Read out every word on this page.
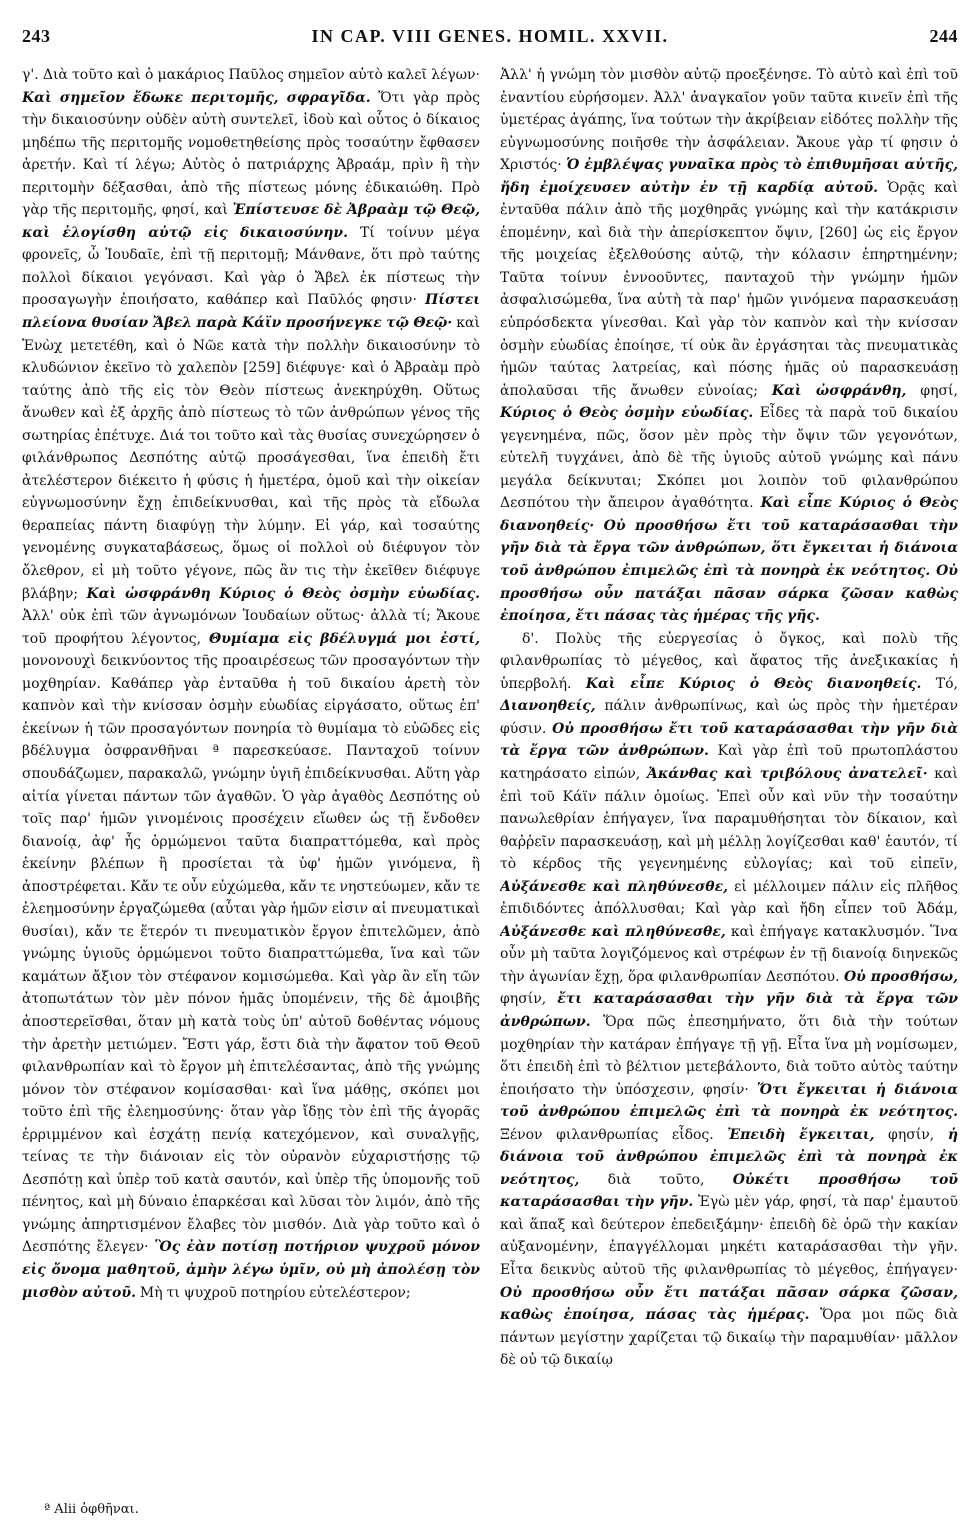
243	IN CAP. VIII GENES. HOMIL. XXVII.	244

γ'. Διὰ τοῦτο καὶ ὁ μακάριος Παῦλος σημεῖον αὐτὸ καλεῖ λέγων· Καὶ σημεῖον ἔδωκε περιτομῆς, σφραγῖδα. Ὅτι γὰρ πρὸς τὴν δικαιοσύνην οὐδὲν αὐτὴ συντελεῖ, ἰδοὺ καὶ οὗτος ὁ δίκαιος μηδέπω τῆς περιτομῆς νομοθετηθείσης πρὸς τοσαύτην ἔφθασεν ἀρετήν. Καὶ τί λέγω; Αὐτὸς ὁ πατριάρχης Ἀβραάμ, πρὶν ἢ τὴν περιτομὴν δέξασθαι, ἀπὸ τῆς πίστεως μόνης ἐδικαιώθη. Πρὸ γὰρ τῆς περιτομῆς, φησί, καὶ Ἐπίστευσε δὲ Ἀβραὰμ τῷ Θεῷ, καὶ ἐλογίσθη αὐτῷ εἰς δικαιοσύνην. Τί τοίνυν μέγα φρονεῖς, ὦ Ἰουδαῖε, ἐπὶ τῇ περιτομῇ; Μάνθανε, ὅτι πρὸ ταύτης πολλοὶ δίκαιοι γεγόνασι. Καὶ γὰρ ὁ Ἄβελ ἐκ πίστεως τὴν προσαγωγὴν ἐποιήσατο, καθάπερ καὶ Παῦλός φησιν· Πίστει πλείονα θυσίαν Ἄβελ παρὰ Κάϊν προσήνεγκε τῷ Θεῷ· καὶ Ἐνὼχ μετετέθη, καὶ ὁ Νῶε κατὰ τὴν πολλὴν δικαιοσύνην τὸ κλυδώνιον ἐκεῖνο τὸ χαλεπὸν [259] διέφυγε· καὶ ὁ Ἀβραὰμ πρὸ ταύτης ἀπὸ τῆς εἰς τὸν Θεὸν πίστεως ἀνεκηρύχθη. Οὕτως ἄνωθεν καὶ ἐξ ἀρχῆς ἀπὸ πίστεως τὸ τῶν ἀνθρώπων γένος τῆς σωτηρίας ἐπέτυχε. Διά τοι τοῦτο καὶ τὰς θυσίας συνεχώρησεν ὁ φιλάνθρωπος Δεσπότης αὐτῷ προσάγεσθαι, ἵνα ἐπειδὴ ἔτι ἀτελέστερον διέκειτο ἡ φύσις ἡ ἡμετέρα, ὁμοῦ καὶ τὴν οἰκείαν εὐγνωμοσύνην ἔχῃ ἐπιδείκνυσθαι, καὶ τῆς πρὸς τὰ εἴδωλα θεραπείας πάντη διαφύγῃ τὴν λύμην. Εἰ γάρ, καὶ τοσαύτης γενομένης συγκαταβάσεως, ὅμως οἱ πολλοὶ οὐ διέφυγον τὸν ὄλεθρον, εἰ μὴ τοῦτο γέγονε, πῶς ἂν τις τὴν ἐκεῖθεν διέφυγε βλάβην; Καὶ ὠσφράνθη Κύριος ὁ Θεὸς ὀσμὴν εὐωδίας. Ἀλλ' οὐκ ἐπὶ τῶν ἀγνωμόνων Ἰουδαίων οὕτως· ἀλλὰ τί; Ἄκουε τοῦ προφήτου λέγοντος, Θυμίαμα εἰς βδέλυγμά μοι ἐστί, μονονουχὶ δεικνύοντος τῆς προαιρέσεως τῶν προσαγόντων τὴν μοχθηρίαν. Καθάπερ γὰρ ἐνταῦθα ἡ τοῦ δικαίου ἀρετὴ τὸν καπνὸν καὶ τὴν κνίσσαν ὀσμὴν εὐωδίας εἰργάσατο, οὕτως ἐπ' ἐκείνων ἡ τῶν προσαγόντων πονηρία τὸ θυμίαμα τὸ εὐῶδες εἰς βδέλυγμα ὀσφρανθῆναι ª παρεσκεύασε. Πανταχοῦ τοίνυν σπουδάζωμεν, παρακαλῶ, γνώμην ὑγιῆ ἐπιδείκνυσθαι. Αὕτη γὰρ αἰτία γίνεται πάντων τῶν ἀγαθῶν. Ὁ γὰρ ἀγαθὸς Δεσπότης οὐ τοῖς παρ' ἡμῶν γινομένοις προσέχειν εἴωθεν ὡς τῇ ἔνδοθεν διανοίᾳ, ἀφ' ἧς ὁρμώμενοι ταῦτα διαπραττόμεθα, καὶ πρὸς ἐκείνην βλέπων ἢ προσίεται τὰ ὑφ' ἡμῶν γινόμενα, ἢ ἀποστρέφεται. Κἄν τε οὖν εὐχώμεθα, κἄν τε νηστεύωμεν, κἄν τε ἐλεημοσύνην ἐργαζώμεθα (αὗται γὰρ ἡμῶν εἰσιν αἱ πνευματικαὶ θυσίαι), κἄν τε ἕτερόν τι πνευματικὸν ἔργον ἐπιτελῶμεν, ἀπὸ γνώμης ὑγιοῦς ὁρμώμενοι τοῦτο διαπραττώμεθα, ἵνα καὶ τῶν καμάτων ἄξιον τὸν στέφανον κομισώμεθα. Καὶ γὰρ ἂν εἴη τῶν ἀτοπωτάτων τὸν μὲν πόνον ἡμᾶς ὑπομένειν, τῆς δὲ ἀμοιβῆς ἀποστερεῖσθαι, ὅταν μὴ κατὰ τοὺς ὑπ' αὐτοῦ δοθέντας νόμους τὴν ἀρετὴν μετιώμεν. Ἔστι γάρ, ἔστι διὰ τὴν ἄφατον τοῦ Θεοῦ φιλανθρωπίαν καὶ τὸ ἔργον μὴ ἐπιτελέσαντας, ἀπὸ τῆς γνώμης μόνον τὸν στέφανον κομίσασθαι· καὶ ἵνα μάθῃς, σκόπει μοι τοῦτο ἐπὶ τῆς ἐλεημοσύνης· ὅταν γὰρ ἴδῃς τὸν ἐπὶ τῆς ἀγορᾶς ἐρριμμένον καὶ ἐσχάτῃ πενίᾳ κατεχόμενον, καὶ συναλγῇς, τείνας τε τὴν διάνοιαν εἰς τὸν οὐρανὸν εὐχαριστήσῃς τῷ Δεσπότῃ καὶ ὑπὲρ τοῦ κατὰ σαυτόν, καὶ ὑπὲρ τῆς ὑπομονῆς τοῦ πένητος, καὶ μὴ δύναιο ἐπαρκέσαι καὶ λῦσαι τὸν λιμόν, ἀπὸ τῆς γνώμης ἀπηρτισμένον ἔλαβες τὸν μισθόν. Διὰ γὰρ τοῦτο καὶ ὁ Δεσπότης ἔλεγεν· Ὃς ἐὰν ποτίσῃ ποτήριον ψυχροῦ μόνον εἰς ὄνομα μαθητοῦ, ἀμὴν λέγω ὑμῖν, οὐ μὴ ἀπολέσῃ τὸν μισθὸν αὐτοῦ. Μὴ τι ψυχροῦ ποτηρίου εὐτελέστερον;

Ἀλλ' ἡ γνώμη τὸν μισθὸν αὐτῷ προεξένησε. Τὸ αὐτὸ καὶ ἐπὶ τοῦ ἐναντίου εὑρήσομεν. Ἀλλ' ἀναγκαῖον γοῦν ταῦτα κινεῖν ἐπὶ τῆς ὑμετέρας ἀγάπης, ἵνα τούτων τὴν ἀκρίβειαν εἰδότες πολλὴν τῆς εὐγνωμοσύνης ποιῆσθε τὴν ἀσφάλειαν. Ἄκουε γὰρ τί φησιν ὁ Χριστός· Ὁ ἐμβλέψας γυναῖκα πρὸς τὸ ἐπιθυμῆσαι αὐτῆς, ἤδη ἐμοίχευσεν αὐτὴν ἐν τῇ καρδίᾳ αὐτοῦ. Ὁρᾷς καὶ ἐνταῦθα πάλιν ἀπὸ τῆς μοχθηρᾶς γνώμης καὶ τὴν κατάκρισιν ἑπομένην, καὶ διὰ τὴν ἀπερίσκεπτον ὄψιν, [260] ὡς εἰς ἔργον τῆς μοιχείας ἐξελθούσης αὐτῷ, τὴν κόλασιν ἐπηρτημένην; Ταῦτα τοίνυν ἐννοοῦντες, πανταχοῦ τὴν γνώμην ἡμῶν ἀσφαλισώμεθα, ἵνα αὐτὴ τὰ παρ' ἡμῶν γινόμενα παρασκευάσῃ εὐπρόσδεκτα γίνεσθαι. Καὶ γὰρ τὸν καπνὸν καὶ τὴν κνίσσαν ὀσμὴν εὐωδίας ἐποίησε, τί οὐκ ἂν ἐργάσηται τὰς πνευματικὰς ἡμῶν ταύτας λατρείας, καὶ πόσης ἡμᾶς οὐ παρασκευάσῃ ἀπολαῦσαι τῆς ἄνωθεν εὐνοίας; Καὶ ὠσφράνθη, φησί, Κύριος ὁ Θεὸς ὀσμὴν εὐωδίας. Εἶδες τὰ παρὰ τοῦ δικαίου γεγενημένα, πῶς, ὅσον μὲν πρὸς τὴν ὄψιν τῶν γεγονότων, εὐτελῆ τυγχάνει, ἀπὸ δὲ τῆς ὑγιοῦς αὐτοῦ γνώμης καὶ πάνυ μεγάλα δείκνυται; Σκόπει μοι λοιπὸν τοῦ φιλανθρώπου Δεσπότου τὴν ἄπειρον ἀγαθότητα. Καὶ εἶπε Κύριος ὁ Θεὸς διανοηθείς· Οὐ προσθήσω ἔτι τοῦ καταράσασθαι τὴν γῆν διὰ τὰ ἔργα τῶν ἀνθρώπων, ὅτι ἔγκειται ἡ διάνοια τοῦ ἀνθρώπου ἐπιμελῶς ἐπὶ τὰ πονηρὰ ἐκ νεότητος. Οὐ προσθήσω οὖν πατάξαι πᾶσαν σάρκα ζῶσαν καθὼς ἐποίησα, ἔτι πάσας τὰς ἡμέρας τῆς γῆς.

δ'. Πολὺς τῆς εὐεργεσίας ὁ ὄγκος, καὶ πολὺ τῆς φιλανθρωπίας τὸ μέγεθος, καὶ ἄφατος τῆς ἀνεξικακίας ἡ ὑπερβολή. Καὶ εἶπε Κύριος ὁ Θεὸς διανοηθείς. Τό, Διανοηθείς, πάλιν ἀνθρωπίνως, καὶ ὡς πρὸς τὴν ἡμετέραν φύσιν. Οὐ προσθήσω ἔτι τοῦ καταράσασθαι τὴν γῆν διὰ τὰ ἔργα τῶν ἀνθρώπων. Καὶ γὰρ ἐπὶ τοῦ πρωτοπλάστου κατηράσατο εἰπών, Ἀκάνθας καὶ τριβόλους ἀνατελεῖ· καὶ ἐπὶ τοῦ Κάϊν πάλιν ὁμοίως. Ἐπεὶ οὖν καὶ νῦν τὴν τοσαύτην πανωλεθρίαν ἐπήγαγεν, ἵνα παραμυθήσηται τὸν δίκαιον, καὶ θαῤῥεῖν παρασκευάσῃ, καὶ μὴ μέλλῃ λογίζεσθαι καθ' ἑαυτόν, τί τὸ κέρδος τῆς γεγενημένης εὐλογίας; καὶ τοῦ εἰπεῖν, Αὐξάνεσθε καὶ πληθύνεσθε, εἰ μέλλοιμεν πάλιν εἰς πλῆθος ἐπιδιδόντες ἀπόλλυσθαι; Καὶ γὰρ καὶ ἤδη εἶπεν τοῦ Ἀδάμ, Αὐξάνεσθε καὶ πληθύνεσθε, καὶ ἐπήγαγε κατακλυσμόν. Ἵνα οὖν μὴ ταῦτα λογιζόμενος καὶ στρέφων ἐν τῇ διανοίᾳ διηνεκῶς τὴν ἀγωνίαν ἔχῃ, ὅρα φιλανθρωπίαν Δεσπότου. Οὐ προσθήσω, φησίν, ἔτι καταράσασθαι τὴν γῆν διὰ τὰ ἔργα τῶν ἀνθρώπων. Ὅρα πῶς ἐπεσημήνατο, ὅτι διὰ τὴν τούτων μοχθηρίαν τὴν κατάραν ἐπήγαγε τῇ γῇ. Εἶτα ἵνα μὴ νομίσωμεν, ὅτι ἐπειδὴ ἐπὶ τὸ βέλτιον μετεβάλοντο, διὰ τοῦτο αὐτὸς ταύτην ἐποιήσατο τὴν ὑπόσχεσιν, φησίν· Ὅτι ἔγκειται ἡ διάνοια τοῦ ἀνθρώπου ἐπιμελῶς ἐπὶ τὰ πονηρὰ ἐκ νεότητος. Ξένον φιλανθρωπίας εἶδος. Ἐπειδὴ ἔγκειται, φησίν, ἡ διάνοια τοῦ ἀνθρώπου ἐπιμελῶς ἐπὶ τὰ πονηρὰ ἐκ νεότητος, διὰ τοῦτο, Οὐκέτι προσθήσω τοῦ καταράσασθαι τὴν γῆν. Ἐγὼ μὲν γάρ, φησί, τὰ παρ' ἐμαυτοῦ καὶ ἅπαξ καὶ δεύτερον ἐπεδειξάμην· ἐπειδὴ δὲ ὁρῶ τὴν κακίαν αὐξανομένην, ἐπαγγέλλομαι μηκέτι καταράσασθαι τὴν γῆν. Εἶτα δεικνὺς αὐτοῦ τῆς φιλανθρωπίας τὸ μέγεθος, ἐπήγαγεν· Οὐ προσθήσω οὖν ἔτι πατάξαι πᾶσαν σάρκα ζῶσαν, καθὼς ἐποίησα, πάσας τὰς ἡμέρας. Ὅρα μοι πῶς διὰ πάντων μεγίστην χαρίζεται τῷ δικαίῳ τὴν παραμυθίαν· μᾶλλον δὲ οὐ τῷ δικαίῳ

ª Alii ὀφθῆναι.
